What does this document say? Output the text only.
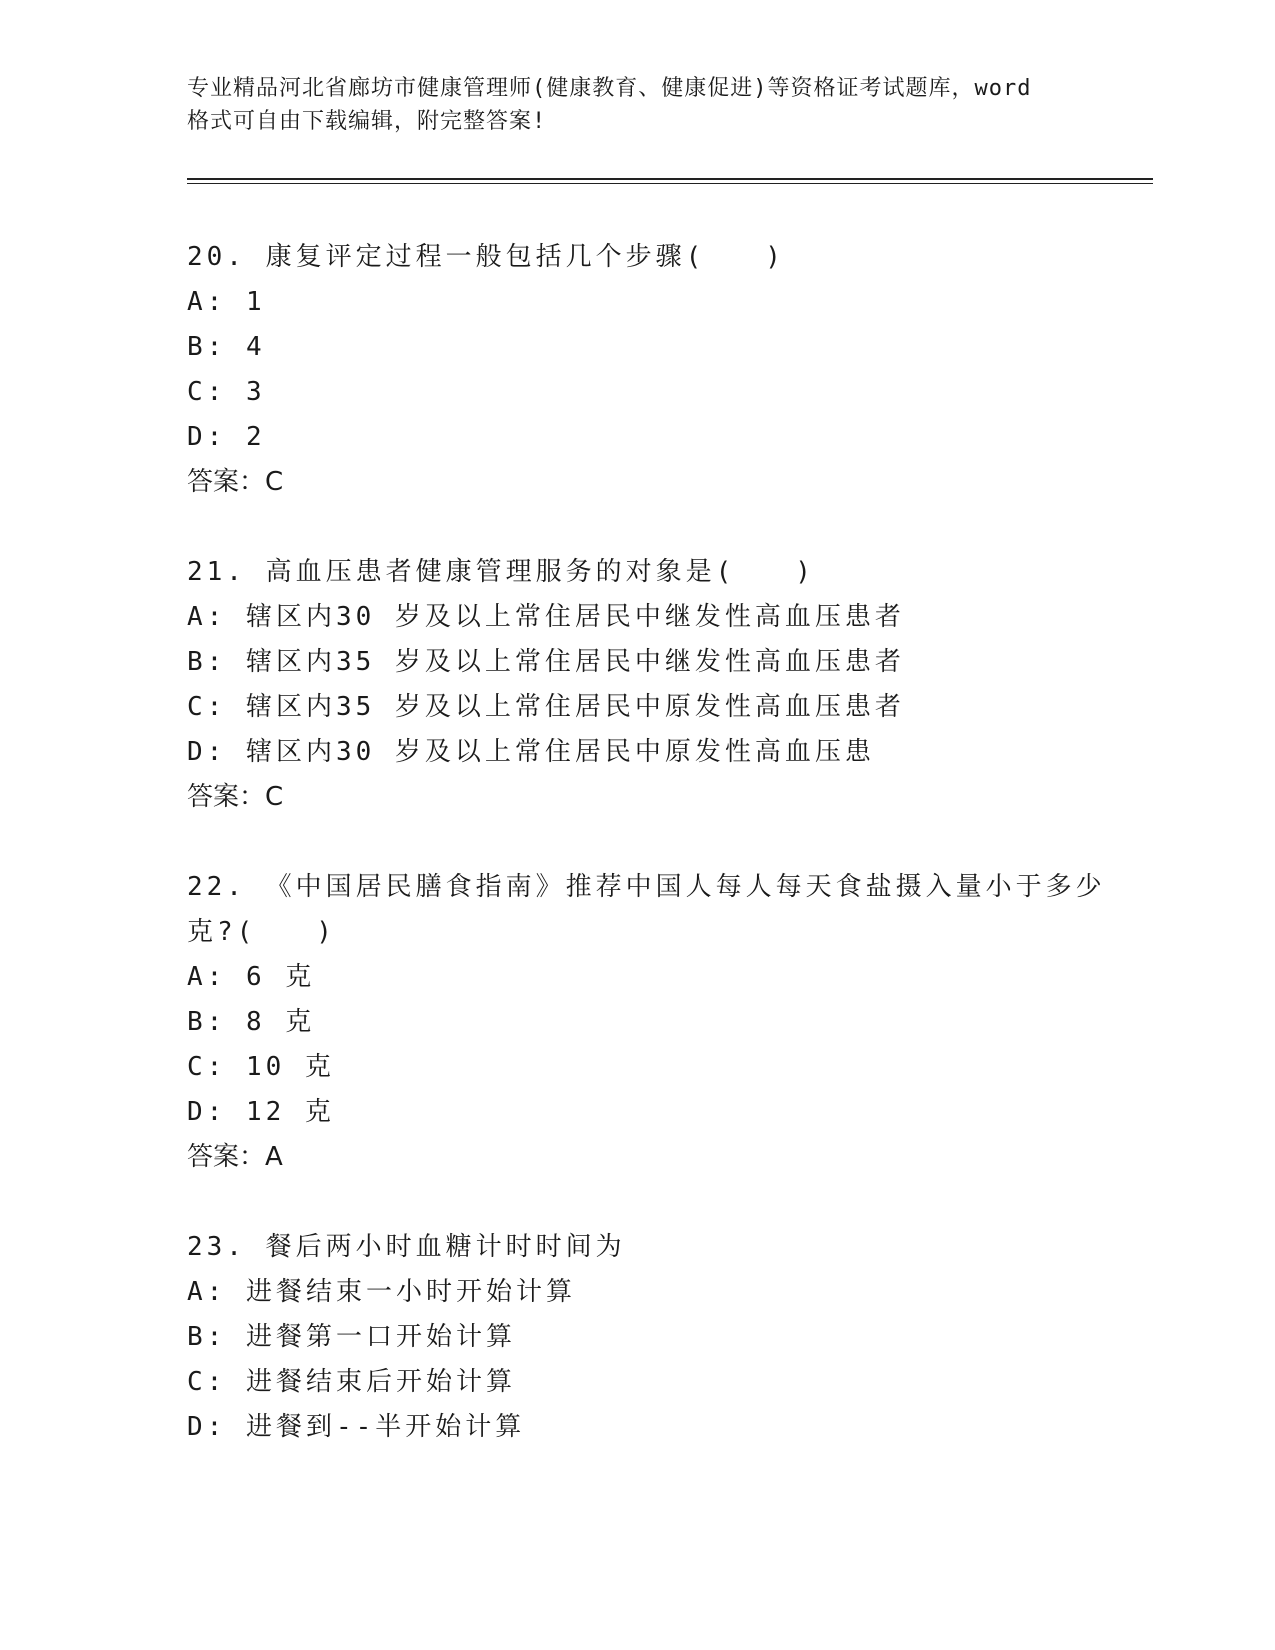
专业精品河北省廊坊市健康管理师(健康教育、健康促进)等资格证考试题库，word
格式可自由下载编辑，附完整答案!
20. 康复评定过程一般包括几个步骤(　　)
A: 1
B: 4
C: 3
D: 2
答案：C
21. 高血压患者健康管理服务的对象是(　　)
A: 辖区内30 岁及以上常住居民中继发性高血压患者
B: 辖区内35 岁及以上常住居民中继发性高血压患者
C: 辖区内35 岁及以上常住居民中原发性高血压患者
D: 辖区内30 岁及以上常住居民中原发性高血压患
答案：C
22. 《中国居民膳食指南》推荐中国人每人每天食盐摄入量小于多少
克?(　　)
A: 6 克
B: 8 克
C: 10 克
D: 12 克
答案：A
23. 餐后两小时血糖计时时间为
A: 进餐结束一小时开始计算
B: 进餐第一口开始计算
C: 进餐结束后开始计算
D: 进餐到--半开始计算
